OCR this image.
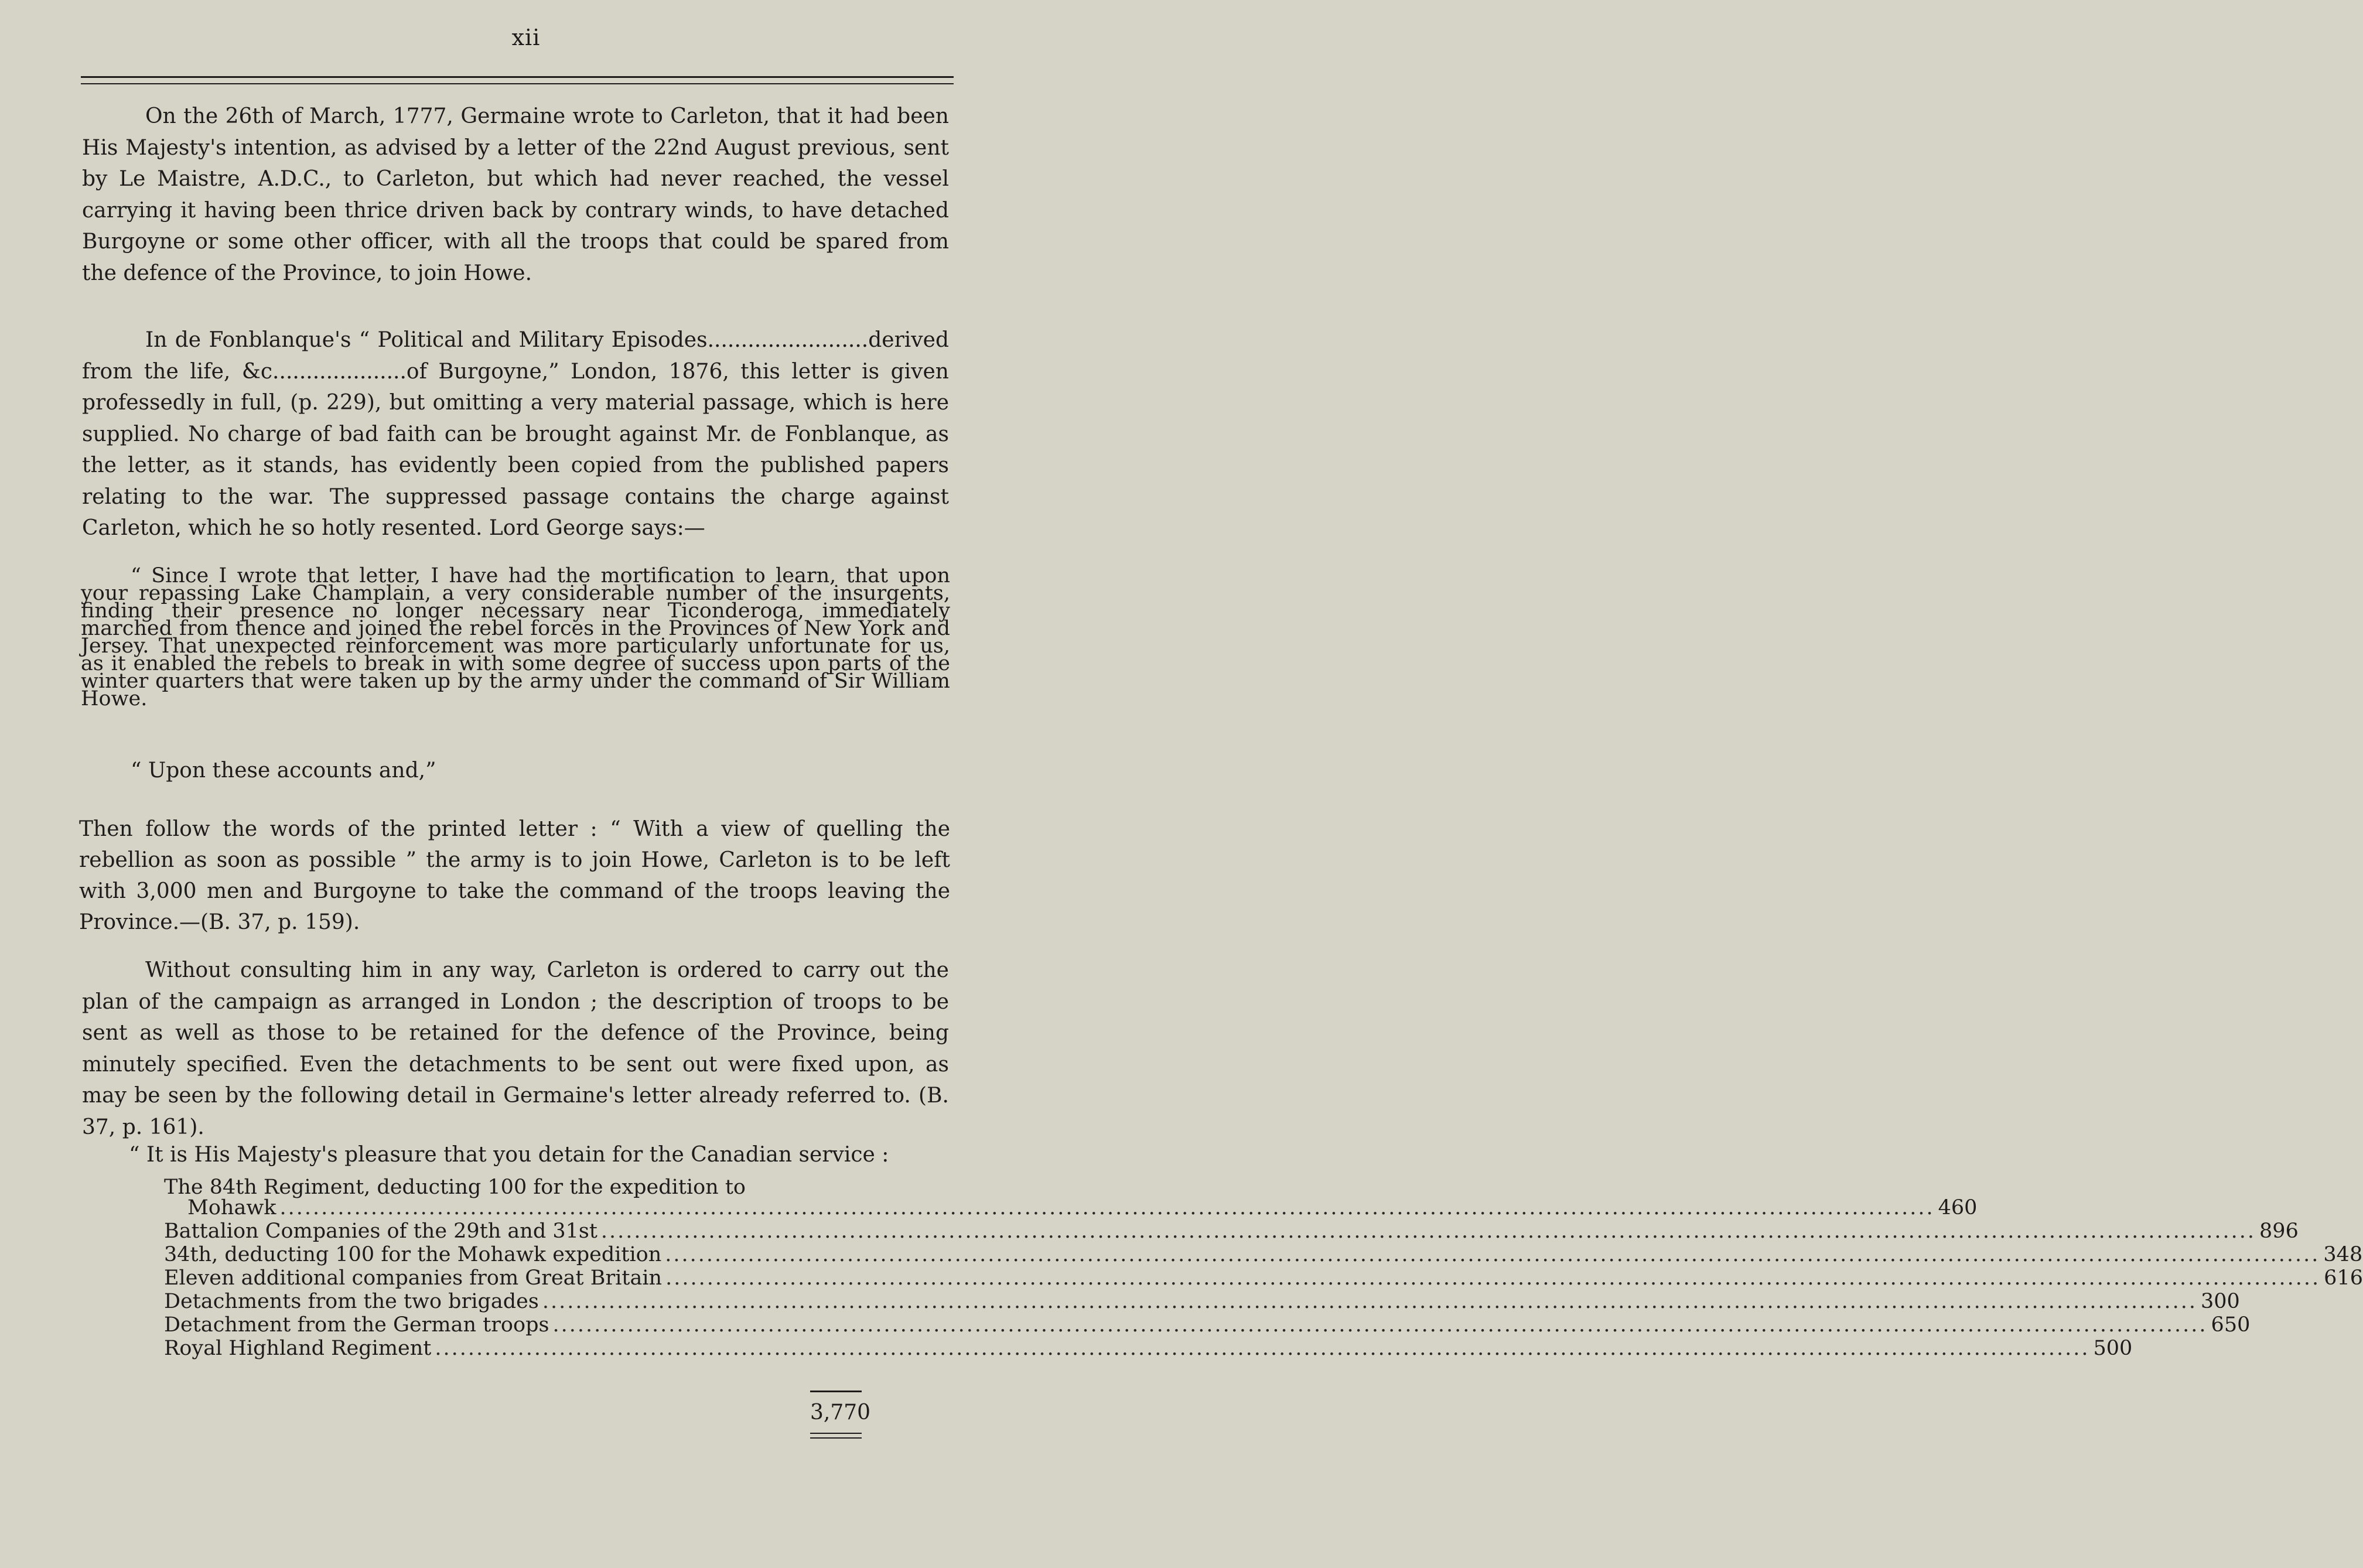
xii

On the 26th of March, 1777, Germaine wrote to Carleton, that it had been His Majesty's intention, as advised by a letter of the 22nd August previous, sent by Le Maistre, A.D.C., to Carleton, but which had never reached, the vessel carrying it having been thrice driven back by contrary winds, to have detached Burgoyne or some other officer, with all the troops that could be spared from the defence of the Province, to join Howe.

In de Fonblanque's “ Political and Military Episodes........................derived from the life, &c....................of Burgoyne,” London, 1876, this letter is given professedly in full, (p. 229), but omitting a very material passage, which is here supplied. No charge of bad faith can be brought against Mr. de Fonblanque, as the letter, as it stands, has evidently been copied from the published papers relating to the war. The suppressed passage contains the charge against Carleton, which he so hotly resented. Lord George says:—

“ Since I wrote that letter, I have had the mortification to learn, that upon your repassing Lake Champlain, a very considerable number of the insurgents, finding their presence no longer necessary near Ticonderoga, immediately marched from thence and joined the rebel forces in the Provinces of New York and Jersey. That unexpected reinforcement was more particularly unfortunate for us, as it enabled the rebels to break in with some degree of success upon parts of the winter quarters that were taken up by the army under the command of Sir William Howe.

“ Upon these accounts and,”

Then follow the words of the printed letter : “ With a view of quelling the rebellion as soon as possible ” the army is to join Howe, Carleton is to be left with 3,000 men and Burgoyne to take the command of the troops leaving the Province.—(B. 37, p. 159).

Without consulting him in any way, Carleton is ordered to carry out the plan of the campaign as arranged in London ; the description of troops to be sent as well as those to be retained for the defence of the Province, being minutely specified. Even the detachments to be sent out were fixed upon, as may be seen by the following detail in Germaine's letter already referred to. (B. 37, p. 161).

“ It is His Majesty's pleasure that you detain for the Canadian service :

The 84th Regiment, deducting 100 for the expedition to
Mohawk ........................................................................................................................................................................................................ 460
Battalion Companies of the 29th and 31st ........................................................................................................................................................................................................ 896
34th, deducting 100 for the Mohawk expedition ........................................................................................................................................................................................................ 348
Eleven additional companies from Great Britain ........................................................................................................................................................................................................ 616
Detachments from the two brigades ........................................................................................................................................................................................................ 300
Detachment from the German troops ........................................................................................................................................................................................................ 650
Royal Highland Regiment ........................................................................................................................................................................................................ 500
3,770
